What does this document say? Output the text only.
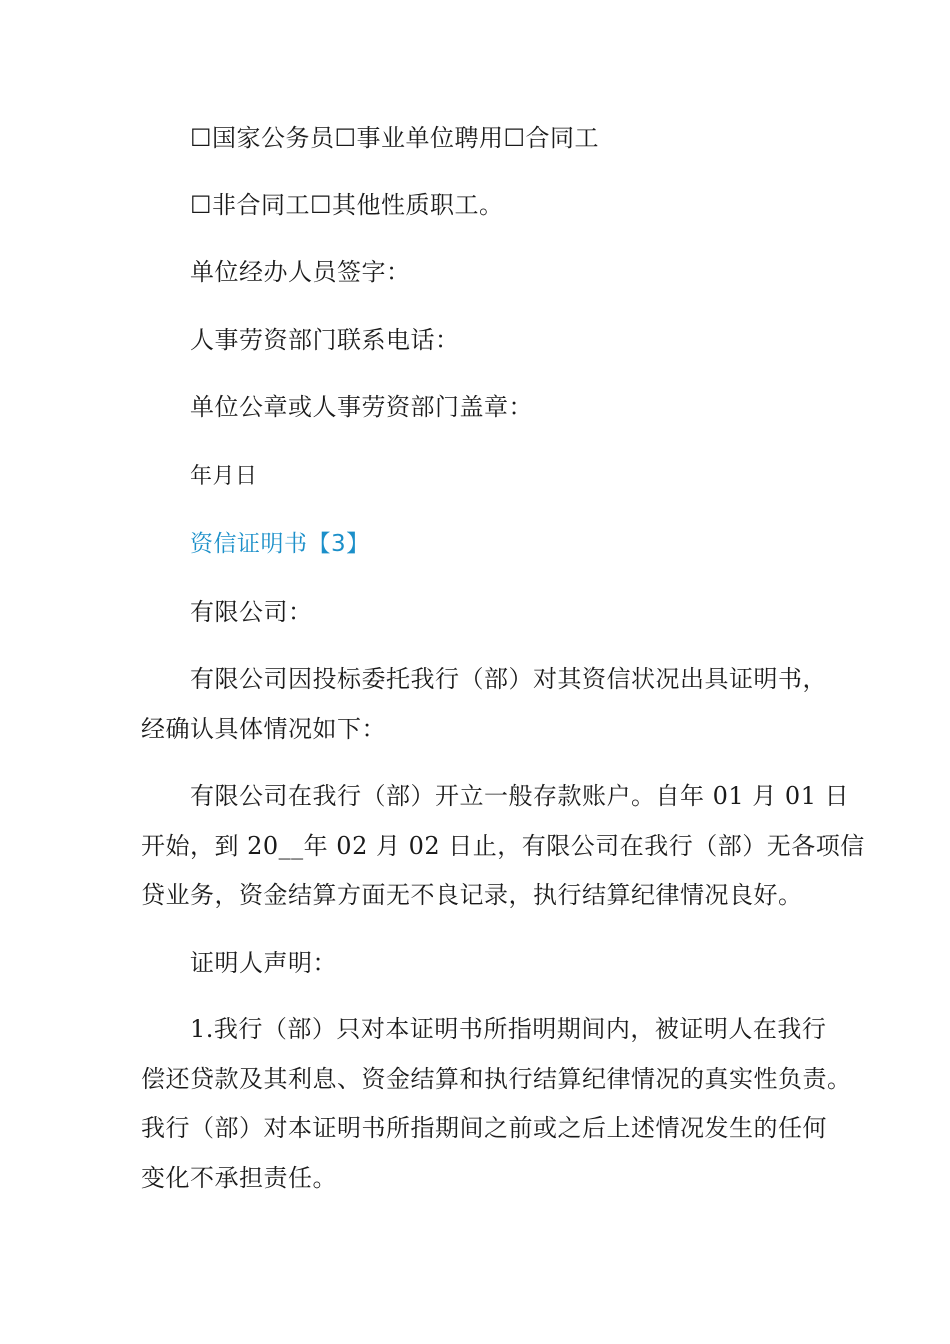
☐国家公务员☐事业单位聘用☐合同工
☐非合同工☐其他性质职工。
单位经办人员签字：
人事劳资部门联系电话：
单位公章或人事劳资部门盖章：
年月日
资信证明书【3】
有限公司：
有限公司因投标委托我行（部）对其资信状况出具证明书，
经确认具体情况如下：
有限公司在我行（部）开立一般存款账户。自年 01 月 01 日
开始，到 20__年 02 月 02 日止，有限公司在我行（部）无各项信
贷业务，资金结算方面无不良记录，执行结算纪律情况良好。
证明人声明：
1.我行（部）只对本证明书所指明期间内，被证明人在我行
偿还贷款及其利息、资金结算和执行结算纪律情况的真实性负责。
我行（部）对本证明书所指期间之前或之后上述情况发生的任何
变化不承担责任。
